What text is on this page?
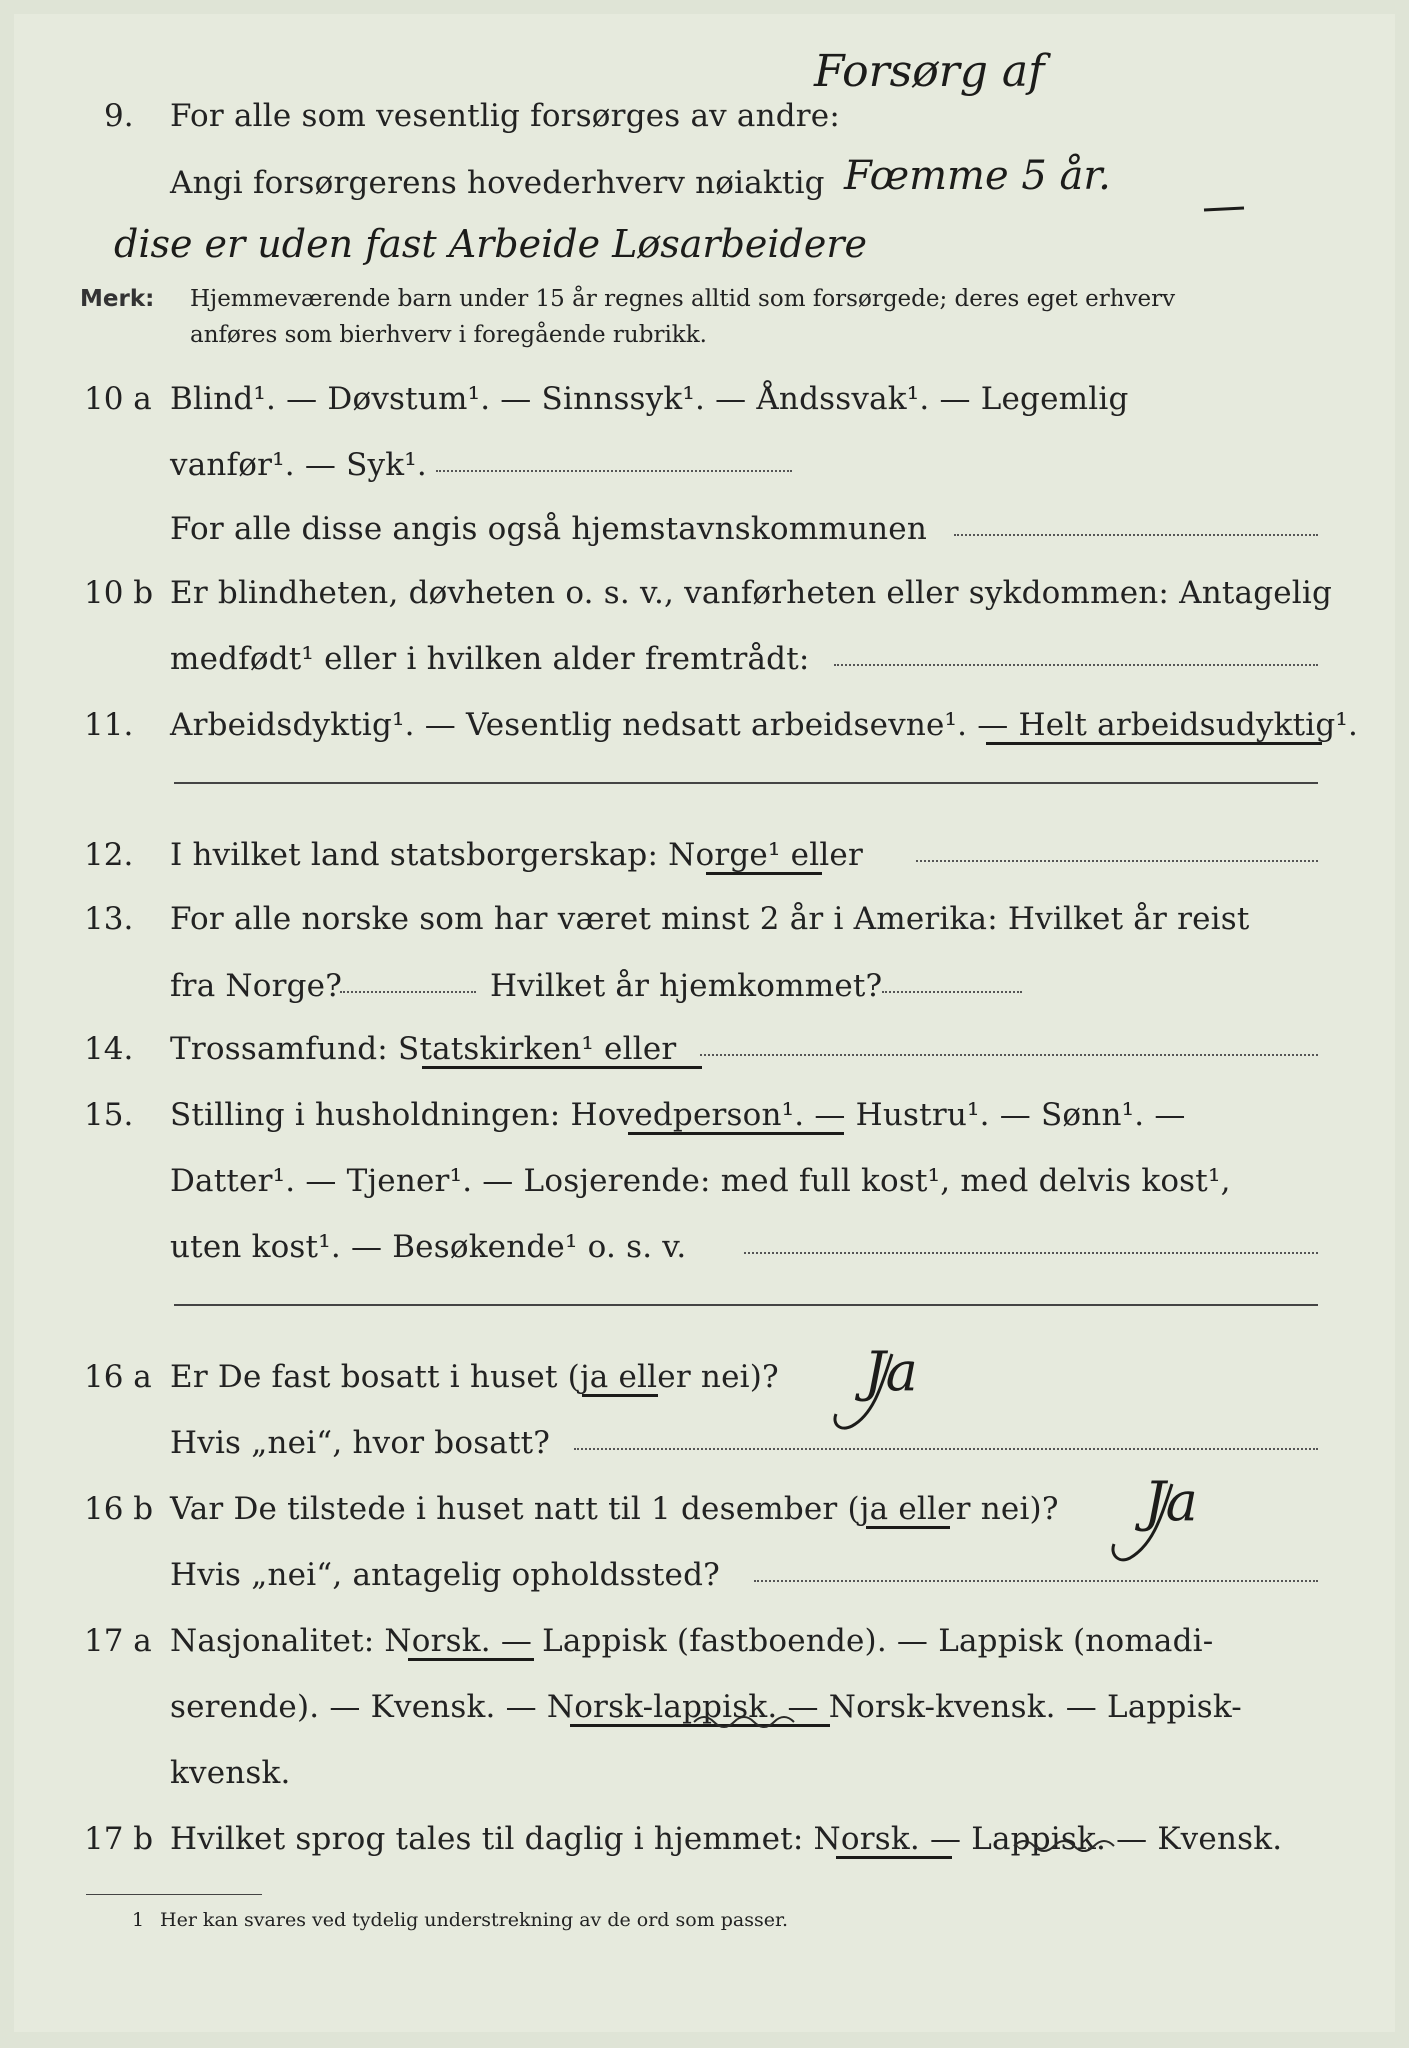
Forsørg af
9. For alle som vesentlig forsørges av andre:
Angi forsørgerens hovederhverv nøiaktig Fœmme 5 år.
dise er uden fast Arbeide Løsarbeidere
Merk: Hjemmeværende barn under 15 år regnes alltid som forsørgede; deres eget erhverv
anføres som bierhverv i foregående rubrikk.
10 a Blind¹. — Døvstum¹. — Sinnssyk¹. — Åndssvak¹. — Legemlig
vanfør¹. — Syk¹.
For alle disse angis også hjemstavnskommunen
10 b Er blindheten, døvheten o. s. v., vanførheten eller sykdommen: Antagelig
medfødt¹ eller i hvilken alder fremtrådt:
11. Arbeidsdyktig¹. — Vesentlig nedsatt arbeidsevne¹. — Helt arbeidsudyktig¹.
12. I hvilket land statsborgerskap: Norge¹ eller
13. For alle norske som har været minst 2 år i Amerika: Hvilket år reist
fra Norge?	Hvilket år hjemkommet?
14. Trossamfund: Statskirken¹ eller
15. Stilling i husholdningen: Hovedperson¹. — Hustru¹. — Sønn¹. —
Datter¹. — Tjener¹. — Losjerende: med full kost¹, med delvis kost¹,
uten kost¹. — Besøkende¹ o. s. v.
16 a Er De fast bosatt i huset (ja eller nei)? Ja
Hvis „nei“, hvor bosatt?
16 b Var De tilstede i huset natt til 1 desember (ja eller nei)? Ja
Hvis „nei“, antagelig opholdssted?
17 a Nasjonalitet: Norsk. — Lappisk (fastboende). — Lappisk (nomadi-
serende). — Kvensk. — Norsk-lappisk. — Norsk-kvensk. — Lappisk-
kvensk.
17 b Hvilket sprog tales til daglig i hjemmet: Norsk. — Lappisk. — Kvensk.
1 Her kan svares ved tydelig understrekning av de ord som passer.
